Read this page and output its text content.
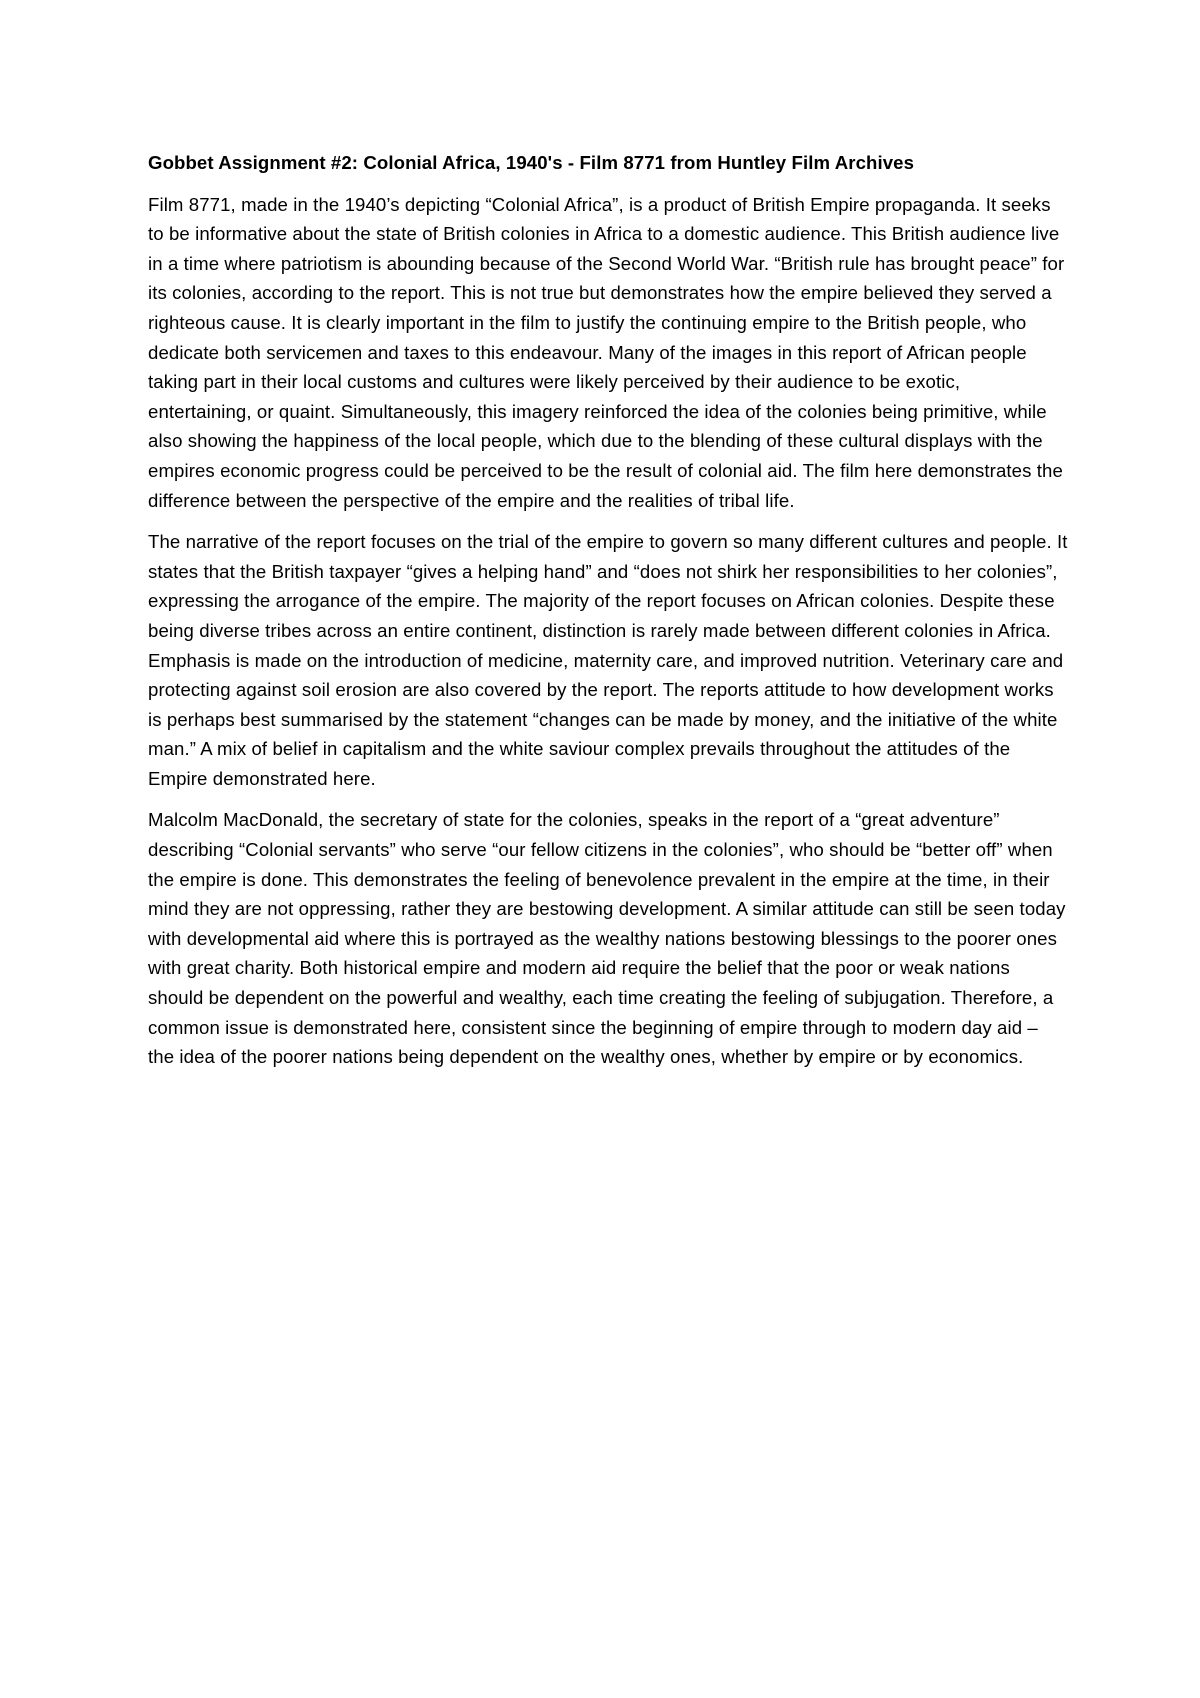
Gobbet Assignment #2: Colonial Africa, 1940's - Film 8771 from Huntley Film Archives

Film 8771, made in the 1940’s depicting “Colonial Africa”, is a product of British Empire propaganda. It seeks to be informative about the state of British colonies in Africa to a domestic audience. This British audience live in a time where patriotism is abounding because of the Second World War. “British rule has brought peace” for its colonies, according to the report. This is not true but demonstrates how the empire believed they served a righteous cause. It is clearly important in the film to justify the continuing empire to the British people, who dedicate both servicemen and taxes to this endeavour. Many of the images in this report of African people taking part in their local customs and cultures were likely perceived by their audience to be exotic, entertaining, or quaint. Simultaneously, this imagery reinforced the idea of the colonies being primitive, while also showing the happiness of the local people, which due to the blending of these cultural displays with the empires economic progress could be perceived to be the result of colonial aid. The film here demonstrates the difference between the perspective of the empire and the realities of tribal life.

The narrative of the report focuses on the trial of the empire to govern so many different cultures and people. It states that the British taxpayer “gives a helping hand” and “does not shirk her responsibilities to her colonies”, expressing the arrogance of the empire. The majority of the report focuses on African colonies. Despite these being diverse tribes across an entire continent, distinction is rarely made between different colonies in Africa. Emphasis is made on the introduction of medicine, maternity care, and improved nutrition. Veterinary care and protecting against soil erosion are also covered by the report. The reports attitude to how development works is perhaps best summarised by the statement “changes can be made by money, and the initiative of the white man.” A mix of belief in capitalism and the white saviour complex prevails throughout the attitudes of the Empire demonstrated here.

Malcolm MacDonald, the secretary of state for the colonies, speaks in the report of a “great adventure” describing “Colonial servants” who serve “our fellow citizens in the colonies”, who should be “better off” when the empire is done. This demonstrates the feeling of benevolence prevalent in the empire at the time, in their mind they are not oppressing, rather they are bestowing development. A similar attitude can still be seen today with developmental aid where this is portrayed as the wealthy nations bestowing blessings to the poorer ones with great charity. Both historical empire and modern aid require the belief that the poor or weak nations should be dependent on the powerful and wealthy, each time creating the feeling of subjugation. Therefore, a common issue is demonstrated here, consistent since the beginning of empire through to modern day aid – the idea of the poorer nations being dependent on the wealthy ones, whether by empire or by economics.
